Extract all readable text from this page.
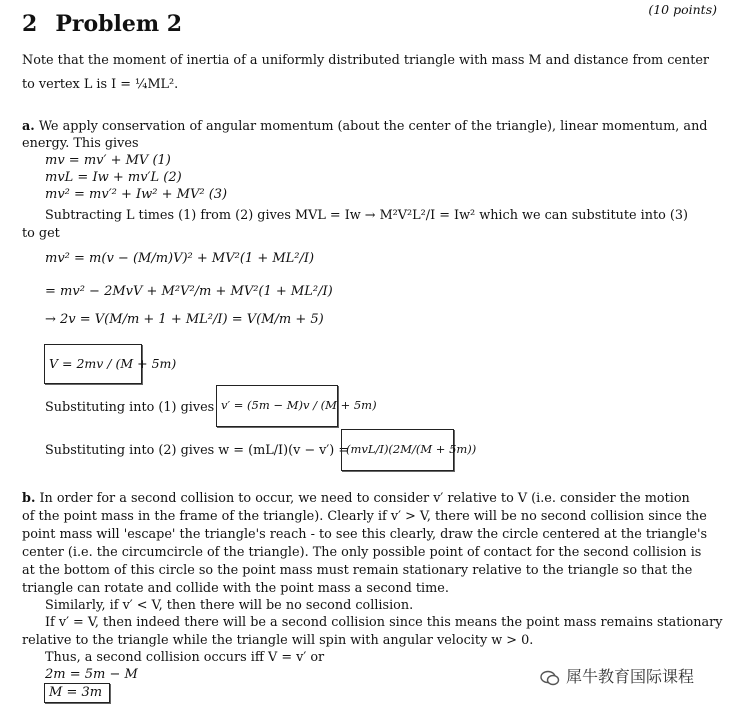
(10 points)
2 Problem 2
Note that the moment of inertia of a uniformly distributed triangle with mass M and distance from center
to vertex L is I = ¼ML².
a. We apply conservation of angular momentum (about the center of the triangle), linear momentum, and
energy. This gives
mv = mv′ + MV (1)
mvL = Iw + mv′L (2)
mv² = mv′² + Iw² + MV² (3)
Subtracting L times (1) from (2) gives MVL = Iw → M²V²L²/I = Iw² which we can substitute into (3)
to get
mv² = m(v − (M/m)V)² + MV²(1 + ML²/I)
= mv² − 2MvV + M²V²/m + MV²(1 + ML²/I)
→ 2v = V(M/m + 1 + ML²/I) = V(M/m + 5)
V = 2mv / (M + 5m)
Substituting into (1) gives v′ = (5m − M)v / (M + 5m)
Substituting into (2) gives w = (mL/I)(v − v′) =
(mvL/I)(2M/(M + 5m))
b. In order for a second collision to occur, we need to consider v′ relative to V (i.e. consider the motion
of the point mass in the frame of the triangle). Clearly if v′ > V, there will be no second collision since the
point mass will 'escape' the triangle's reach - to see this clearly, draw the circle centered at the triangle's
center (i.e. the circumcircle of the triangle). The only possible point of contact for the second collision is
at the bottom of this circle so the point mass must remain stationary relative to the triangle so that the
triangle can rotate and collide with the point mass a second time.
Similarly, if v′ < V, then there will be no second collision.
If v′ = V, then indeed there will be a second collision since this means the point mass remains stationary
relative to the triangle while the triangle will spin with angular velocity w > 0.
Thus, a second collision occurs iff V = v′ or
2m = 5m − M
M = 3m
犀牛教育国际课程
